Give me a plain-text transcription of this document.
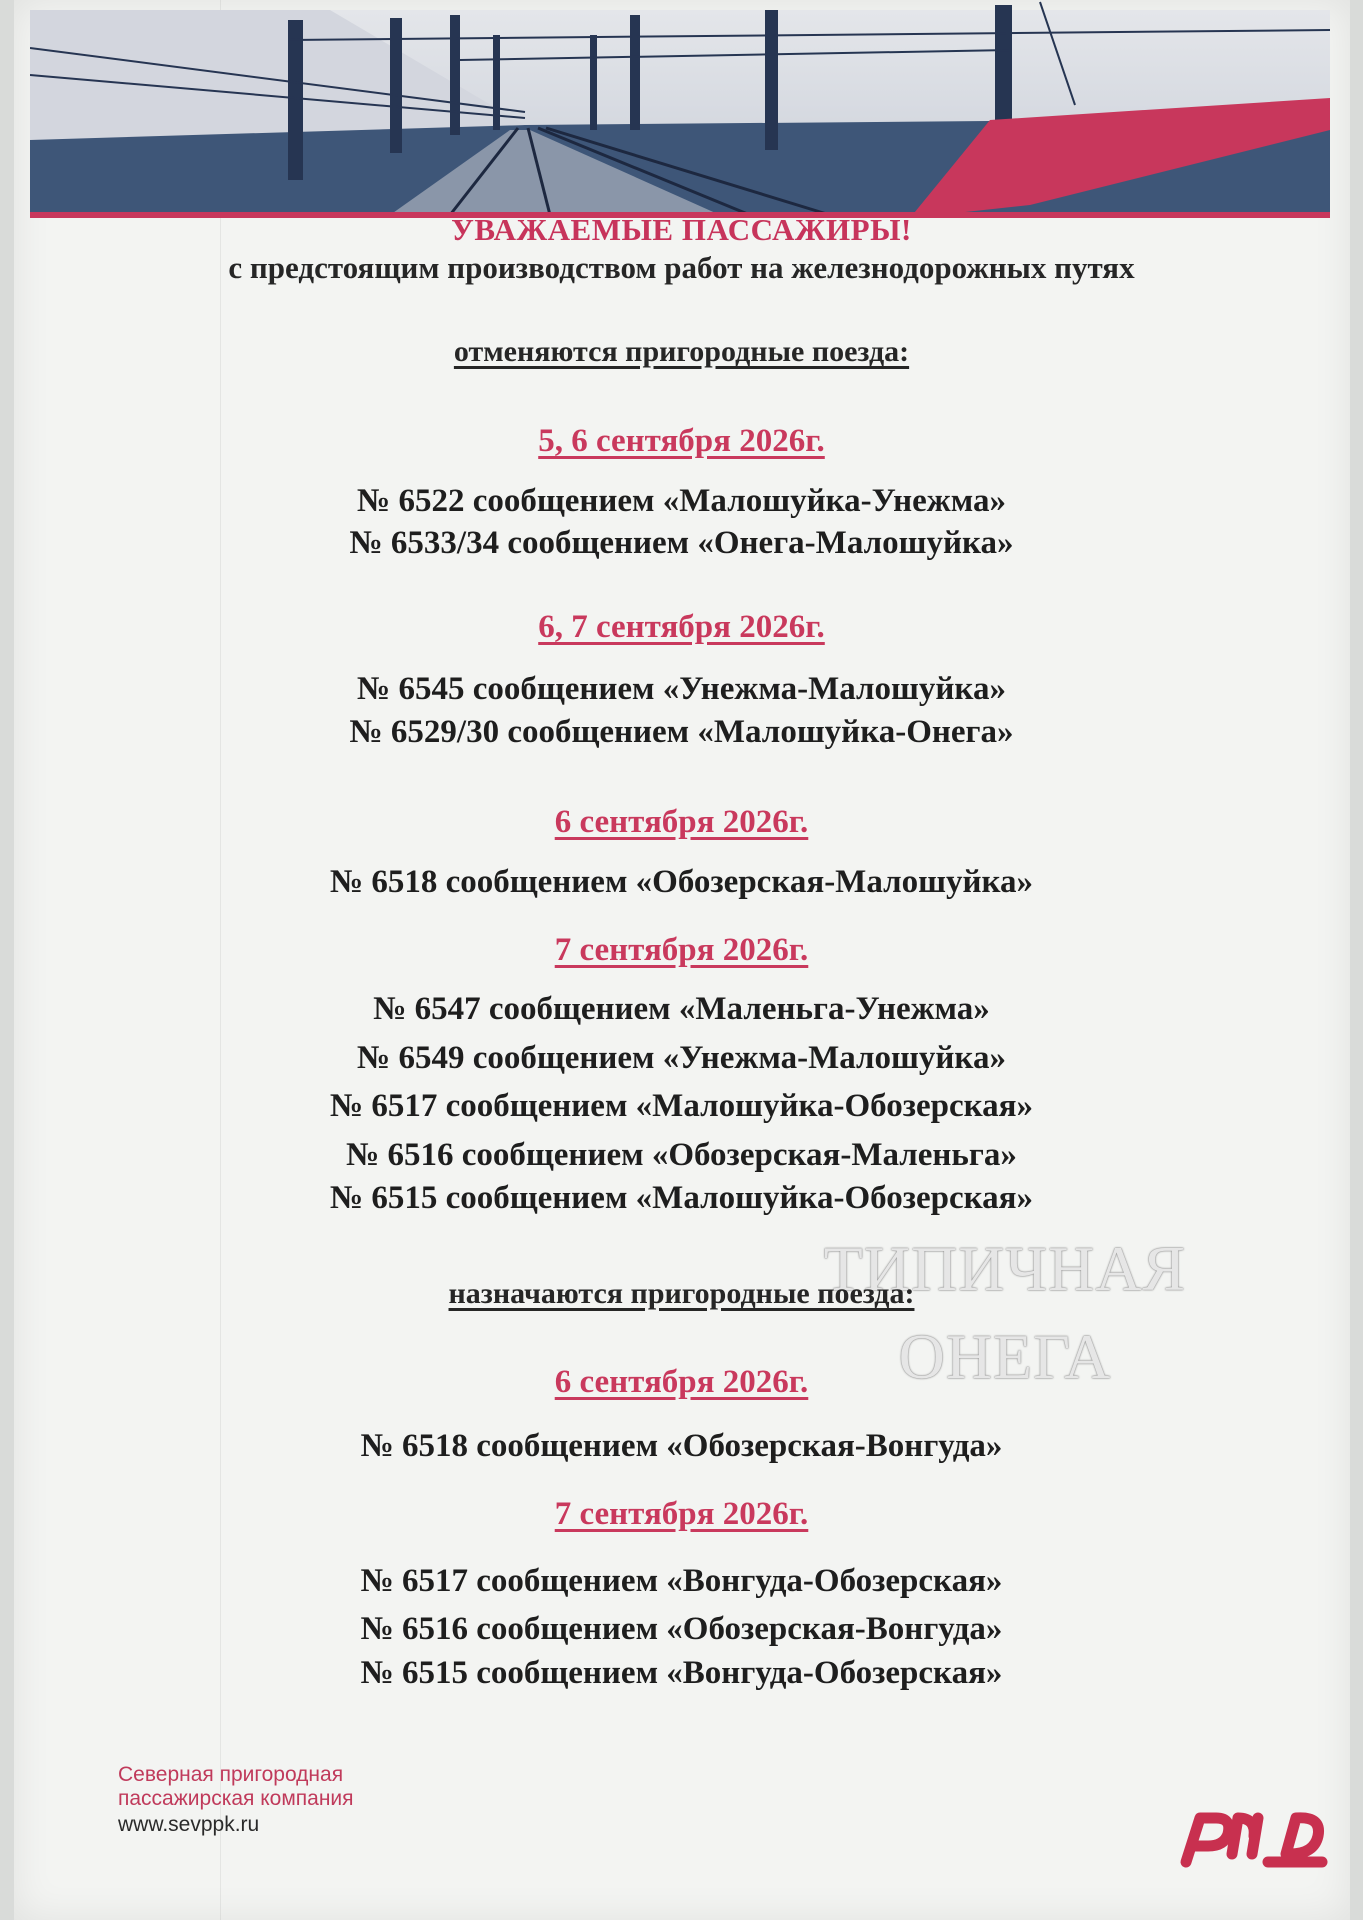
УВАЖАЕМЫЕ ПАССАЖИРЫ!
с предстоящим производством работ на железнодорожных путях
отменяются пригородные поезда:
5, 6 сентября 2026г.
№ 6522 сообщением «Малошуйка-Унежма»
№ 6533/34 сообщением «Онега-Малошуйка»
6, 7 сентября 2026г.
№ 6545 сообщением «Унежма-Малошуйка»
№ 6529/30 сообщением «Малошуйка-Онега»
6 сентября 2026г.
№ 6518 сообщением «Обозерская-Малошуйка»
7 сентября 2026г.
№ 6547 сообщением «Маленьга-Унежма»
№ 6549 сообщением «Унежма-Малошуйка»
№ 6517 сообщением «Малошуйка-Обозерская»
№ 6516 сообщением «Обозерская-Маленьга»
№ 6515 сообщением «Малошуйка-Обозерская»
ТИПИЧНАЯ
ОНЕГА
назначаются пригородные поезда:
6 сентября 2026г.
№ 6518 сообщением «Обозерская-Вонгуда»
7 сентября 2026г.
№ 6517 сообщением «Вонгуда-Обозерская»
№ 6516 сообщением «Обозерская-Вонгуда»
№ 6515 сообщением «Вонгуда-Обозерская»
Северная пригородная
пассажирская компания
www.sevppk.ru
